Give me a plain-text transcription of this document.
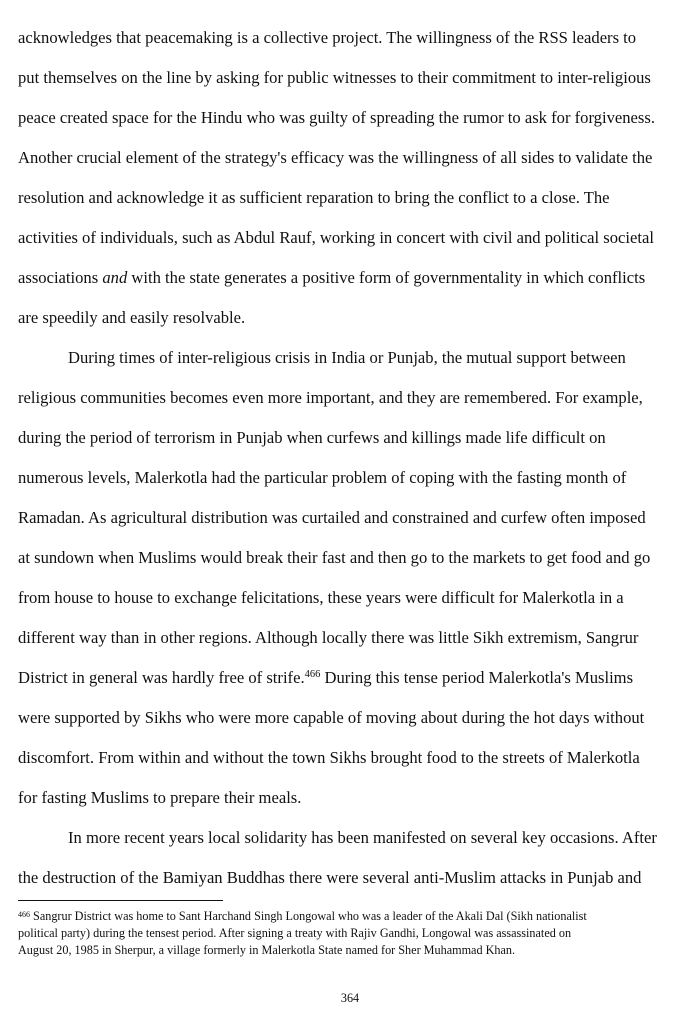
acknowledges that peacemaking is a collective project. The willingness of the RSS leaders to
put themselves on the line by asking for public witnesses to their commitment to inter-religious
peace created space for the Hindu who was guilty of spreading the rumor to ask for forgiveness.
Another crucial element of the strategy's efficacy was the willingness of all sides to validate the
resolution and acknowledge it as sufficient reparation to bring the conflict to a close. The
activities of individuals, such as Abdul Rauf, working in concert with civil and political societal
associations and with the state generates a positive form of governmentality in which conflicts
are speedily and easily resolvable.
During times of inter-religious crisis in India or Punjab, the mutual support between
religious communities becomes even more important, and they are remembered. For example,
during the period of terrorism in Punjab when curfews and killings made life difficult on
numerous levels, Malerkotla had the particular problem of coping with the fasting month of
Ramadan. As agricultural distribution was curtailed and constrained and curfew often imposed
at sundown when Muslims would break their fast and then go to the markets to get food and go
from house to house to exchange felicitations, these years were difficult for Malerkotla in a
different way than in other regions. Although locally there was little Sikh extremism, Sangrur
District in general was hardly free of strife.$^{466}$ During this tense period Malerkotla's Muslims
were supported by Sikhs who were more capable of moving about during the hot days without
discomfort. From within and without the town Sikhs brought food to the streets of Malerkotla
for fasting Muslims to prepare their meals.
In more recent years local solidarity has been manifested on several key occasions. After
the destruction of the Bamiyan Buddhas there were several anti-Muslim attacks in Punjab and
$^{466}$ Sangrur District was home to Sant Harchand Singh Longowal who was a leader of the Akali Dal (Sikh nationalist
political party) during the tensest period. After signing a treaty with Rajiv Gandhi, Longowal was assassinated on
August 20, 1985 in Sherpur, a village formerly in Malerkotla State named for Sher Muhammad Khan.
364
